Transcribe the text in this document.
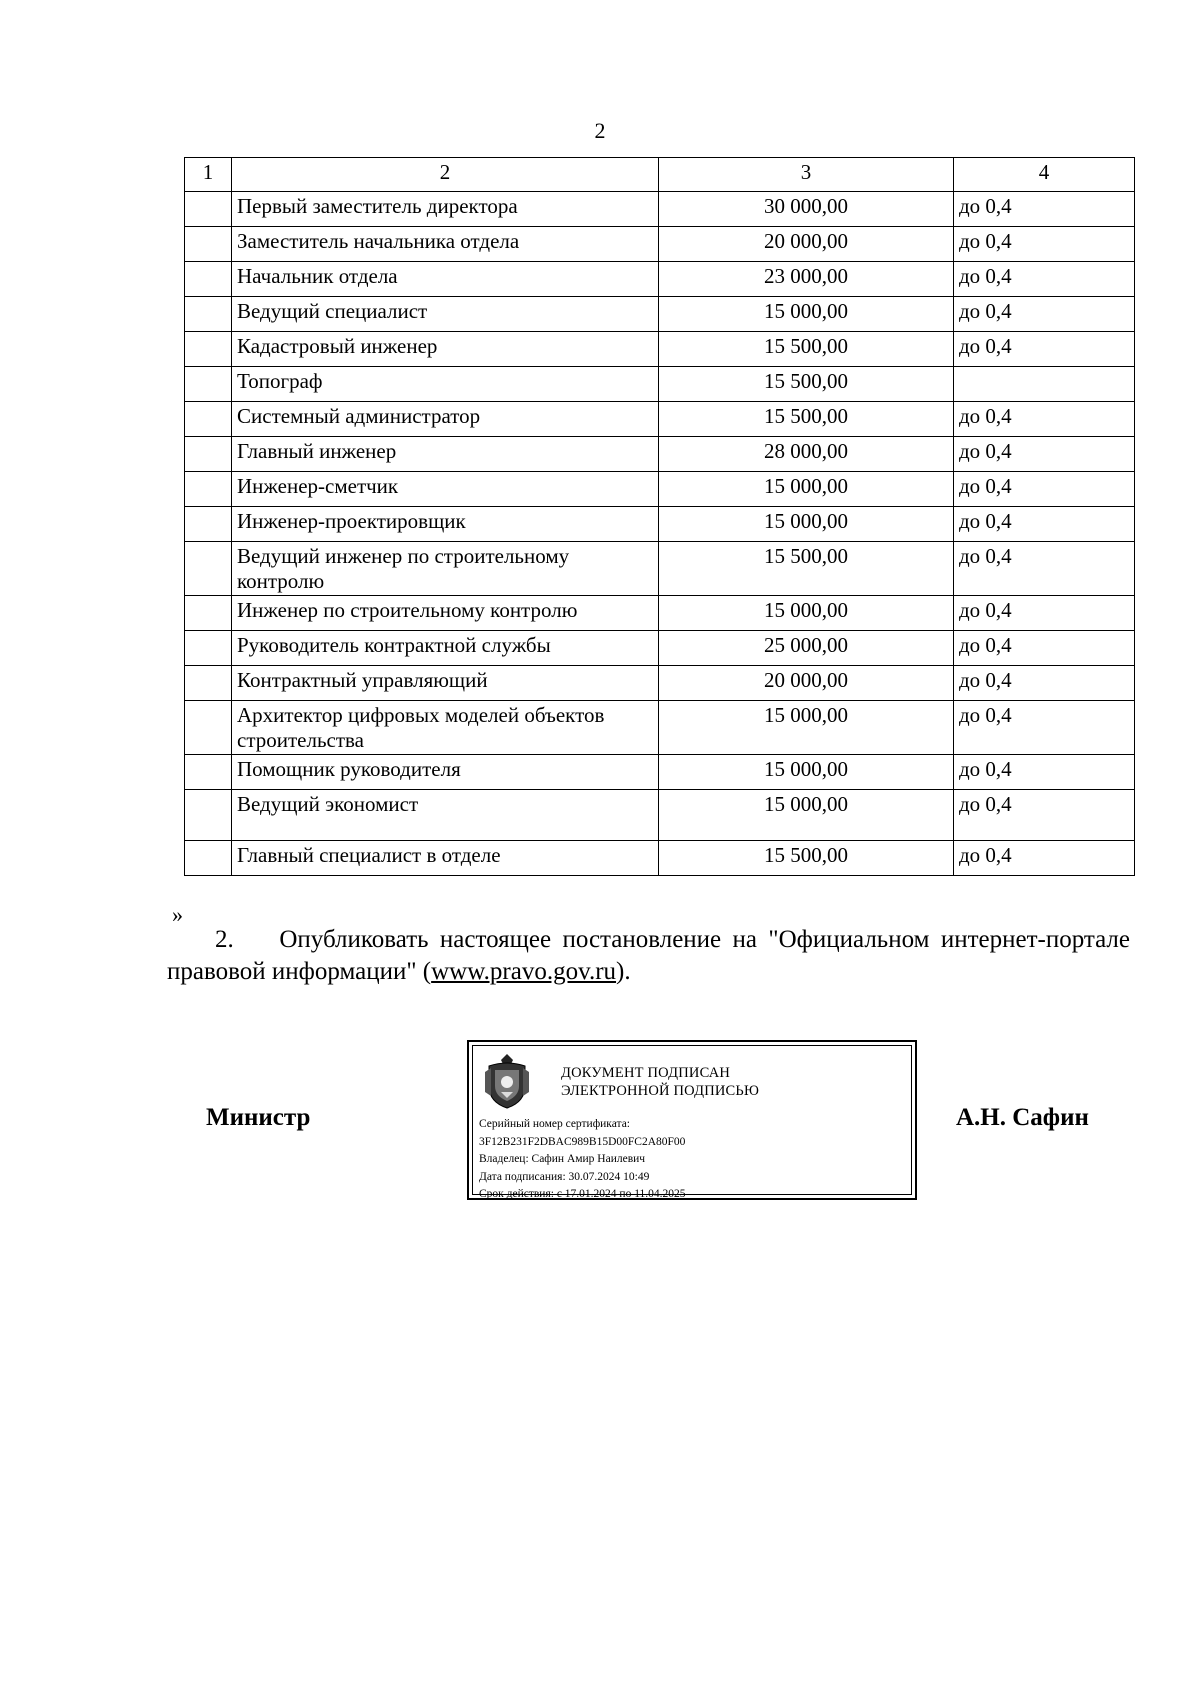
2
1	2	3	4
	Первый заместитель директора	30 000,00	до 0,4
	Заместитель начальника отдела	20 000,00	до 0,4
	Начальник отдела	23 000,00	до 0,4
	Ведущий специалист	15 000,00	до 0,4
	Кадастровый инженер	15 500,00	до 0,4
	Топограф	15 500,00	
	Системный администратор	15 500,00	до 0,4
	Главный инженер	28 000,00	до 0,4
	Инженер-сметчик	15 000,00	до 0,4
	Инженер-проектировщик	15 000,00	до 0,4
	Ведущий инженер по строительному контролю	15 500,00	до 0,4
	Инженер по строительному контролю	15 000,00	до 0,4
	Руководитель контрактной службы	25 000,00	до 0,4
	Контрактный управляющий	20 000,00	до 0,4
	Архитектор цифровых моделей объектов строительства	15 000,00	до 0,4
	Помощник руководителя	15 000,00	до 0,4
	Ведущий экономист	15 000,00	до 0,4
	Главный специалист в отделе	15 500,00	до 0,4
»
2. Опубликовать настоящее постановление на "Официальном интернет-портале правовой информации" (www.pravo.gov.ru).
Министр
ДОКУМЕНТ ПОДПИСАН
ЭЛЕКТРОННОЙ ПОДПИСЬЮ
Серийный номер сертификата:
3F12B231F2DBAC989B15D00FC2A80F00
Владелец: Сафин Амир Наилевич
Дата подписания: 30.07.2024 10:49
Срок действия: с 17.01.2024 по 11.04.2025
А.Н. Сафин
